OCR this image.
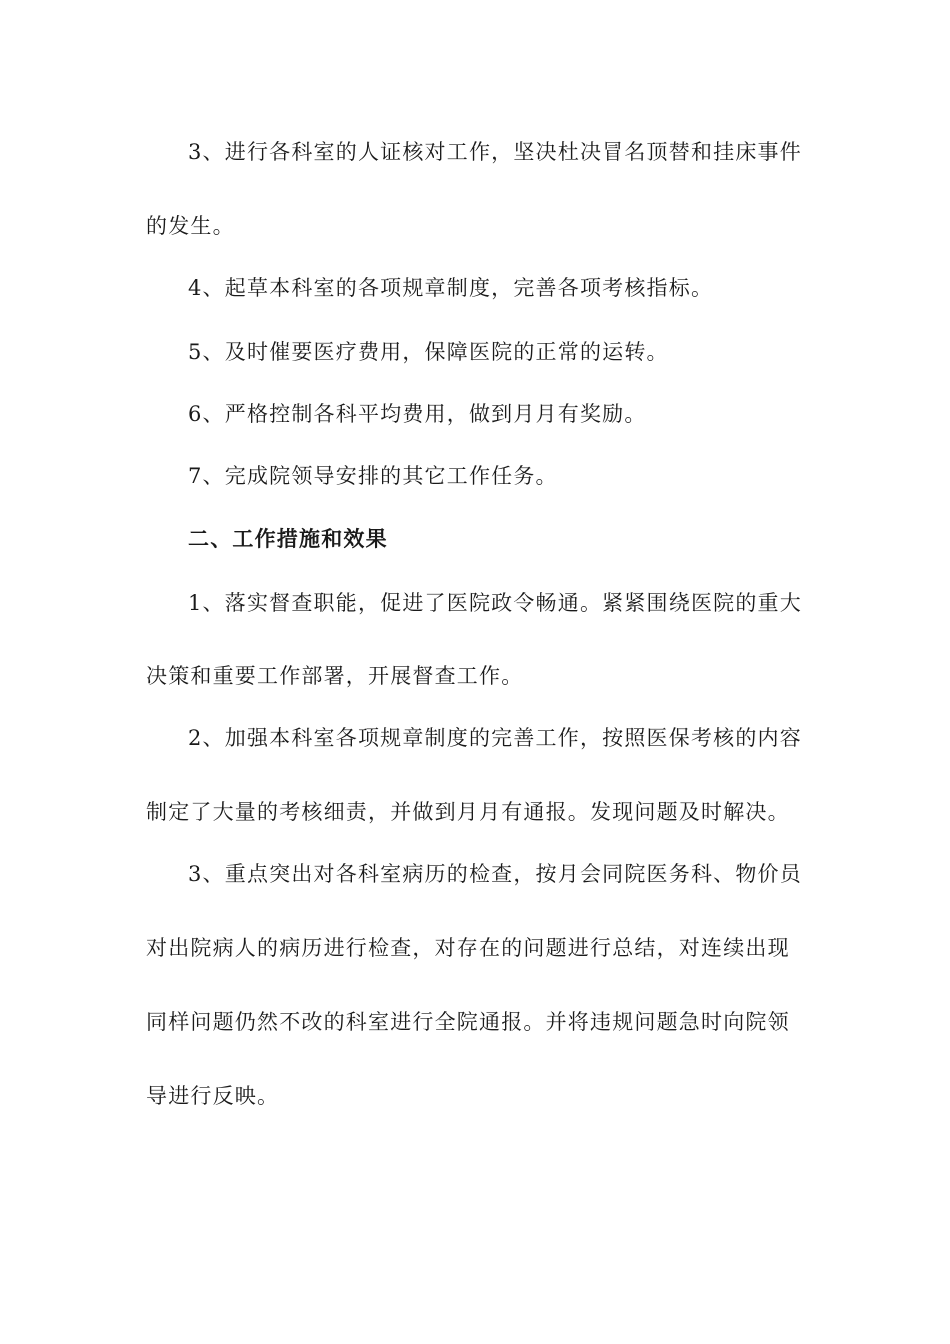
3、进行各科室的人证核对工作，坚决杜决冒名顶替和挂床事件
的发生。
4、起草本科室的各项规章制度，完善各项考核指标。
5、及时催要医疗费用，保障医院的正常的运转。
6、严格控制各科平均费用，做到月月有奖励。
7、完成院领导安排的其它工作任务。
二、工作措施和效果
1、落实督查职能，促进了医院政令畅通。紧紧围绕医院的重大
决策和重要工作部署，开展督查工作。
2、加强本科室各项规章制度的完善工作，按照医保考核的内容
制定了大量的考核细责，并做到月月有通报。发现问题及时解决。
3、重点突出对各科室病历的检查，按月会同院医务科、物价员
对出院病人的病历进行检查，对存在的问题进行总结，对连续出现
同样问题仍然不改的科室进行全院通报。并将违规问题急时向院领
导进行反映。
